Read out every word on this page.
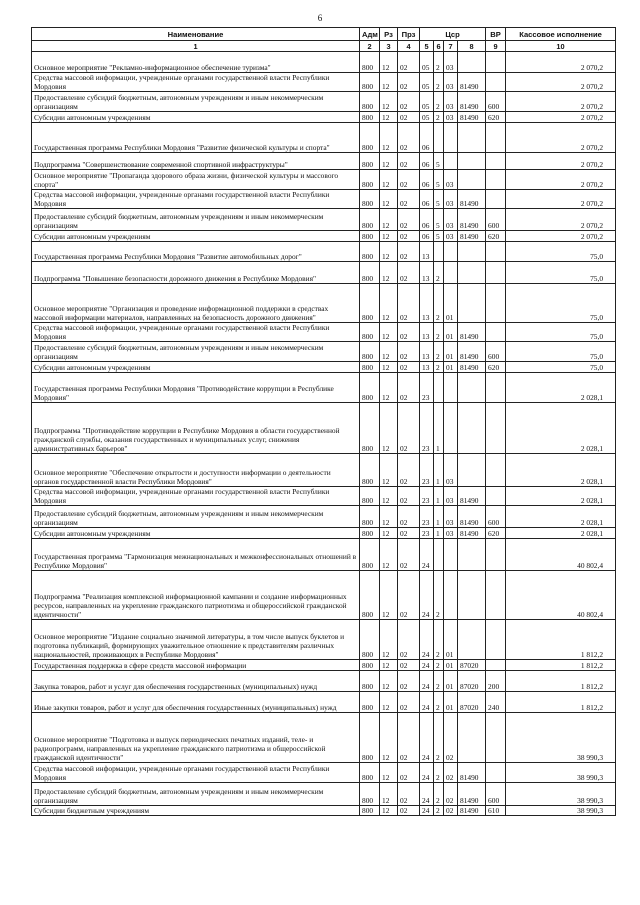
6
Наименование	Адм	Рз	Прз	Цср				ВР	Кассовое исполнение
1	2	3	4	5	6	7	8	9	10
Основное мероприятие "Рекламно-информационное обеспечение туризма"	800	12	02	05	2	03			2 070,2
Средства массовой информации, учрежденные органами государственной власти Республики Мордовия	800	12	02	05	2	03	81490		2 070,2
Предоставление субсидий бюджетным, автономным учреждениям и иным некоммерческим организациям	800	12	02	05	2	03	81490	600	2 070,2
Субсидии автономным учреждениям	800	12	02	05	2	03	81490	620	2 070,2
Государственная программа Республики Мордовия "Развитие физической культуры и спорта"	800	12	02	06					2 070,2
Подпрограмма "Совершенствование современной спортивной инфраструктуры"	800	12	02	06	5				2 070,2
Основное мероприятие "Пропаганда здорового образа жизни, физической культуры и массового спорта"	800	12	02	06	5	03			2 070,2
Средства массовой информации, учрежденные органами государственной власти Республики Мордовия	800	12	02	06	5	03	81490		2 070,2
Предоставление субсидий бюджетным, автономным учреждениям и иным некоммерческим организациям	800	12	02	06	5	03	81490	600	2 070,2
Субсидии автономным учреждениям	800	12	02	06	5	03	81490	620	2 070,2
Государственная программа Республики Мордовия "Развитие автомобильных дорог"	800	12	02	13					75,0
Подпрограмма "Повышение безопасности дорожного движения в Республике Мордовия"	800	12	02	13	2				75,0
Основное мероприятие "Организация и проведение информационной поддержки в средствах массовой информации материалов, направленных на безопасность дорожного движения"	800	12	02	13	2	01			75,0
Средства массовой информации, учрежденные органами государственной власти Республики Мордовия	800	12	02	13	2	01	81490		75,0
Предоставление субсидий бюджетным, автономным учреждениям и иным некоммерческим организациям	800	12	02	13	2	01	81490	600	75,0
Субсидии автономным учреждениям	800	12	02	13	2	01	81490	620	75,0
Государственная программа Республики Мордовия "Противодействие коррупции в Республике Мордовия"	800	12	02	23					2 028,1
Подпрограмма "Противодействие коррупции в Республике Мордовия в области государственной гражданской службы, оказания государственных и муниципальных услуг, снижения административных барьеров"	800	12	02	23	1				2 028,1
Основное мероприятие "Обеспечение открытости и доступности информации о деятельности органов государственной власти Республики Мордовия"	800	12	02	23	1	03			2 028,1
Средства массовой информации, учрежденные органами государственной власти Республики Мордовия	800	12	02	23	1	03	81490		2 028,1
Предоставление субсидий бюджетным, автономным учреждениям и иным некоммерческим организациям	800	12	02	23	1	03	81490	600	2 028,1
Субсидии автономным учреждениям	800	12	02	23	1	03	81490	620	2 028,1
Государственная программа "Гармонизация межнациональных и межконфессиональных отношений в Республике Мордовия"	800	12	02	24					40 802,4
Подпрограмма "Реализация комплексной информационной кампании и создание информационных ресурсов, направленных на укрепление гражданского патриотизма и общероссийской гражданской идентичности"	800	12	02	24	2				40 802,4
Основное мероприятие "Издание социально значимой литературы, в том числе выпуск буклетов и подготовка публикаций, формирующих уважительное отношение к представителям различных национальностей, проживающих в Республике Мордовия"	800	12	02	24	2	01			1 812,2
Государственная поддержка в сфере средств массовой информации	800	12	02	24	2	01	87020		1 812,2
Закупка товаров, работ и услуг для обеспечения государственных (муниципальных) нужд	800	12	02	24	2	01	87020	200	1 812,2
Иные закупки товаров, работ и услуг для обеспечения государственных (муниципальных) нужд	800	12	02	24	2	01	87020	240	1 812,2
Основное мероприятие "Подготовка и выпуск периодических печатных изданий, теле- и радиопрограмм, направленных на укрепление гражданского патриотизма и общероссийской гражданской идентичности"	800	12	02	24	2	02			38 990,3
Средства массовой информации, учрежденные органами государственной власти Республики Мордовия	800	12	02	24	2	02	81490		38 990,3
Предоставление субсидий бюджетным, автономным учреждениям и иным некоммерческим организациям	800	12	02	24	2	02	81490	600	38 990,3
Субсидии бюджетным учреждениям	800	12	02	24	2	02	81490	610	38 990,3
